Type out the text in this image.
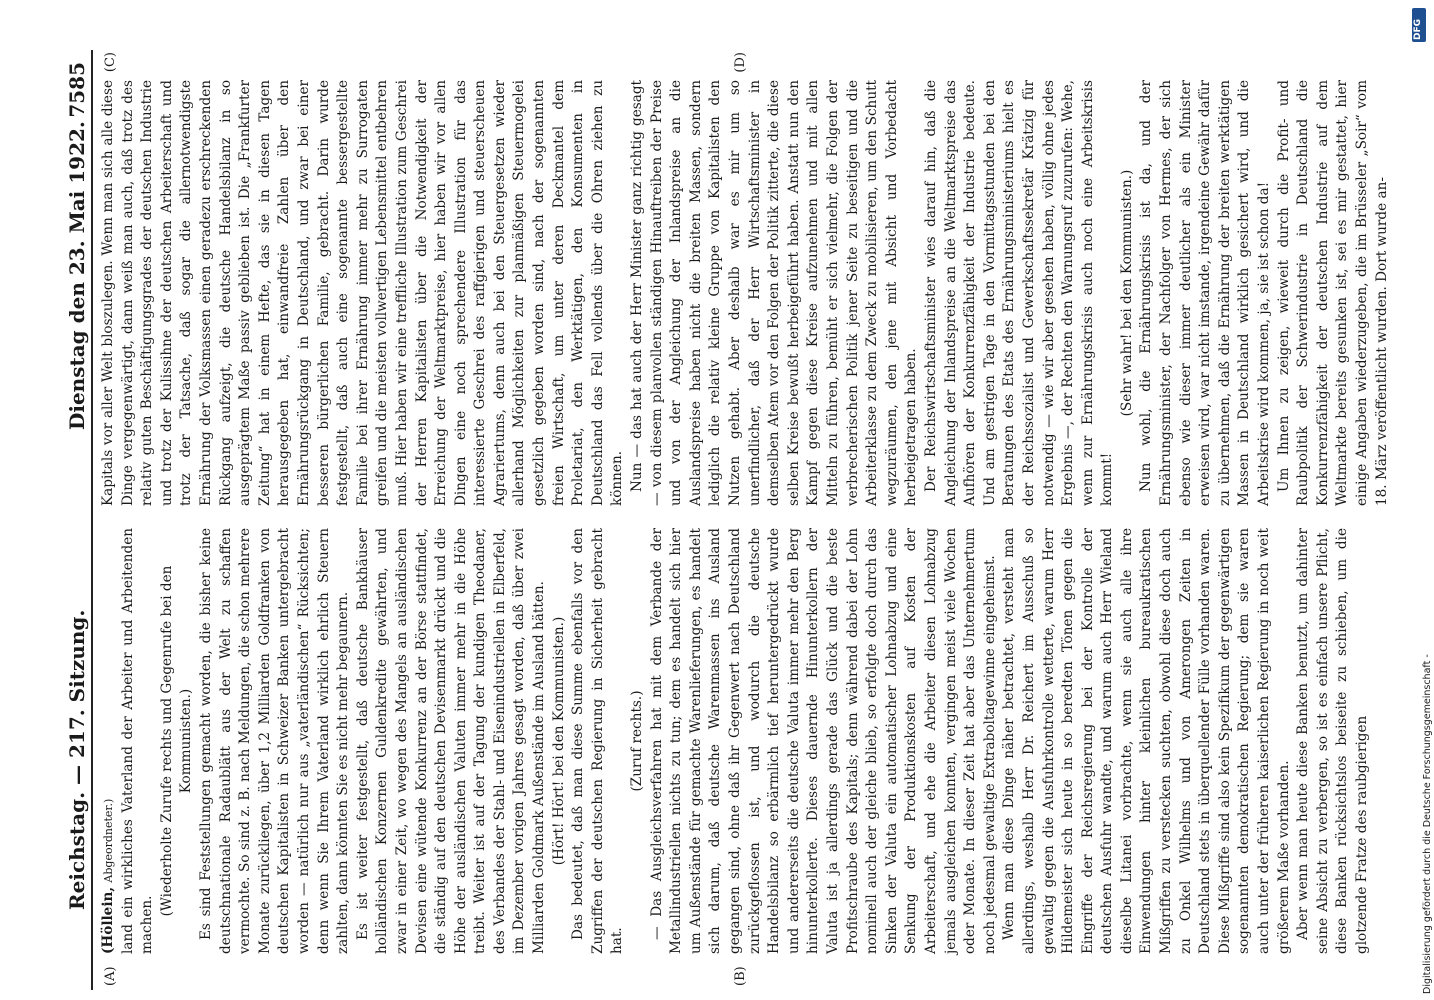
Reichstag. — 217. Sitzung.
Dienstag den 23. Mai 1922.
7585
(A)	(B)
(C)	(D)

(Höllein, Abgeordneter.) land ein wirkliches Vaterland der Arbeiter und Arbeitenden machen.

(Wiederholte Zurufe rechts und Gegenrufe bei den Kommunisten.) Es sind Feststellungen gemacht worden, die bisher keine deutschnationale Radaublätt aus der Welt zu schaffen vermochte. So sind z. B. nach Meldungen, die schon mehrere Monate zurückliegen, über 1,2 Milliarden Goldfranken von deutschen Kapitalisten in Schweizer Banken untergebracht worden — natürlich nur aus „vaterländischen“ Rücksichten; denn wenn Sie Ihrem Vaterland wirklich ehrlich Steuern zahlten, dann könnten Sie es nicht mehr begaunern. Es ist weiter festgestellt, daß deutsche Bankhäuser holländischen Konzernen Guldenkredite gewährten, und zwar in einer Zeit, wo wegen des Mangels an ausländischen Devisen eine wütende Konkurrenz an der Börse stattfindet, die ständig auf den deutschen Devisenmarkt drückt und die Höhe der ausländischen Valuten immer mehr in die Höhe treibt. Weiter ist auf der Tagung der kundigen Theodaner, des Verbandes der Stahl- und Eisenindustriellen in Elberfeld, im Dezember vorigen Jahres gesagt worden, daß über zwei Milliarden Goldmark Außenstände im Ausland hätten. (Hört! Hört! bei den Kommunisten.) Das bedeutet, daß man diese Summe ebenfalls vor den Zugriffen der deutschen Regierung in Sicherheit gebracht hat.

(Zuruf rechts.) — Das Ausgleichsverfahren hat mit dem Verbande der Metallindustriellen nichts zu tun; dem es handelt sich hier um Außenstände für gemachte Warenlieferungen, es handelt sich darum, daß deutsche Warenmassen ins Ausland gegangen sind, ohne daß ihr Gegenwert nach Deutschland zurückgeflossen ist, und wodurch die deutsche Handelsbilanz so erbärmlich tief heruntergedrückt wurde und andererseits die deutsche Valuta immer mehr den Berg hinunterkollerte. Dieses dauernde Hinunterkollern der Valuta ist ja allerdings gerade das Glück und die beste Profitschraube des Kapitals; denn während dabei der Lohn nominell auch der gleiche blieb, so erfolgte doch durch das Sinken der Valuta ein automatischer Lohnabzug und eine Senkung der Produktionskosten auf Kosten der Arbeiterschaft, und ehe die Arbeiter diesen Lohnabzug jemals ausgleichen konnten, vergingen meist viele Wochen oder Monate. In dieser Zeit hat aber das Unternehmertum noch jedesmal gewaltige Extraboltagewinne eingeheimst. Wenn man diese Dinge näher betrachtet, versteht man allerdings, weshalb Herr Dr. Reichert im Ausschuß so gewaltig gegen die Ausfuhrkontrolle wetterte, warum Herr Hildemeister sich heute in so beredten Tönen gegen die Eingriffe der Reichsregierung bei der Kontrolle der deutschen Ausfuhr wandte, und warum auch Herr Wieland dieselbe Litanei vorbrachte, wenn sie auch alle ihre Einwendungen hinter kleinlichen bureaukratischen Mißgriffen zu verstecken suchten, obwohl diese doch auch zu Onkel Wilhelms und von Amerongen Zeiten in Deutschland stets in überquellender Fülle vorhanden waren. Diese Mißgriffe sind also kein Spezifikum der gegenwärtigen sogenannten demokratischen Regierung; dem sie waren auch unter der früheren kaiserlichen Regierung in noch weit größerem Maße vorhanden. Aber wenn man heute diese Banken benutzt, um dahinter seine Absicht zu verbergen, so ist es einfach unsere Pflicht, diese Banken rücksichtslos beiseite zu schieben, um die glotzende Fratze des raubgierigen

Kapitals vor aller Welt bloszulegen. Wenn man sich alle diese Dinge vergegenwärtigt, dann weiß man auch, daß trotz des relativ guten Beschäftigungsgrades der deutschen Industrie und trotz der Kulissihne der deutschen Arbeiterschaft und trotz der Tatsache, daß sogar die allernotwendigste Ernährung der Volksmassen einen geradezu erschreckenden Rückgang aufzeigt, die deutsche Handelsbilanz in so ausgeprägtem Maße passiv geblieben ist. Die „Frankfurter Zeitung“ hat in einem Hefte, das sie in diesen Tagen herausgegeben hat, einwandfreie Zahlen über den Ernährungsrückgang in Deutschland, und zwar bei einer besseren bürgerlichen Familie, gebracht. Darin wurde festgestellt, daß auch eine sogenannte bessergestellte Familie bei ihrer Ernährung immer mehr zu Surrogaten greifen und die meisten vollwertigen Lebensmittel entbehren muß. Hier haben wir eine treffliche Illustration zum Geschrei der Herren Kapitalisten über die Notwendigkeit der Erreichung der Weltmarktpreise, hier haben wir vor allen Dingen eine noch sprechendere Illustration für das interessierte Geschrei des raffgierigen und steuerscheuen Agrariertums, denn auch bei den Steuergesetzen wieder allerhand Möglichkeiten zur planmäßigen Steuermogelei gesetzlich gegeben worden sind, nach der sogenannten freien Wirtschaft, um unter deren Deckmantel dem Proletariat, den Werktätigen, den Konsumenten in Deutschland das Fell vollends über die Ohren ziehen zu können. Nun — das hat auch der Herr Minister ganz richtig gesagt — von diesem planvollen ständigen Hinauftreiben der Preise und von der Angleichung der Inlandspreise an die Auslandspreise haben nicht die breiten Massen, sondern lediglich die relativ kleine Gruppe von Kapitalisten den Nutzen gehabt. Aber deshalb war es mir um so unerfindlicher, daß der Herr Wirtschaftsminister in demselben Atem vor den Folgen der Politik zitterte, die diese selben Kreise bewußt herbeigeführt haben. Anstatt nun den Kampf gegen diese Kreise aufzunehmen und mit allen Mitteln zu führen, bemüht er sich vielmehr, die Folgen der verbrecherischen Politik jener Seite zu beseitigen und die Arbeiterklasse zu dem Zweck zu mobilisieren, um den Schutt wegzuräumen, den jene mit Absicht und Vorbedacht herbeigetragen haben. Der Reichswirtschaftsminister wies darauf hin, daß die Angleichung der Inlandspreise an die Weltmarktspreise das Aufhören der Konkurrenzfähigkeit der Industrie bedeute. Und am gestrigen Tage in den Vormittagsstunden bei den Beratungen des Etats des Ernährungsministeriums hielt es der Reichssozialist und Gewerkschaftssekretär Krätzig für notwendig — wie wir aber gesehen haben, völlig ohne jedes Ergebnis —, der Rechten den Warnungsruf zuzurufen: Wehe, wenn zur Ernährungskrisis auch noch eine Arbeitskrisis kommt!

(Sehr wahr! bei den Kommunisten.) Nun wohl, die Ernährungskrisis ist da, und der Ernährungsminister, der Nachfolger von Hermes, der sich ebenso wie dieser immer deutlicher als ein Minister erweisen wird, war nicht imstande, irgendeine Gewähr dafür zu übernehmen, daß die Ernährung der breiten werktätigen Massen in Deutschland wirklich gesichert wird, und die Arbeitskrise wird kommen, ja, sie ist schon da! Um Ihnen zu zeigen, wieweit durch die Profit- und Raubpolitik der Schwerindustrie in Deutschland die Konkurrenzfähigkeit der deutschen Industrie auf dem Weltmarkte bereits gesunken ist, sei es mir gestattet, hier einige Angaben wiederzugeben, die im Brüsseler „Soir“ vom 18. März veröffentlicht wurden. Dort wurde an-

DFG
Digitalisierung gefördert durch die Deutsche Forschungsgemeinschaft -
